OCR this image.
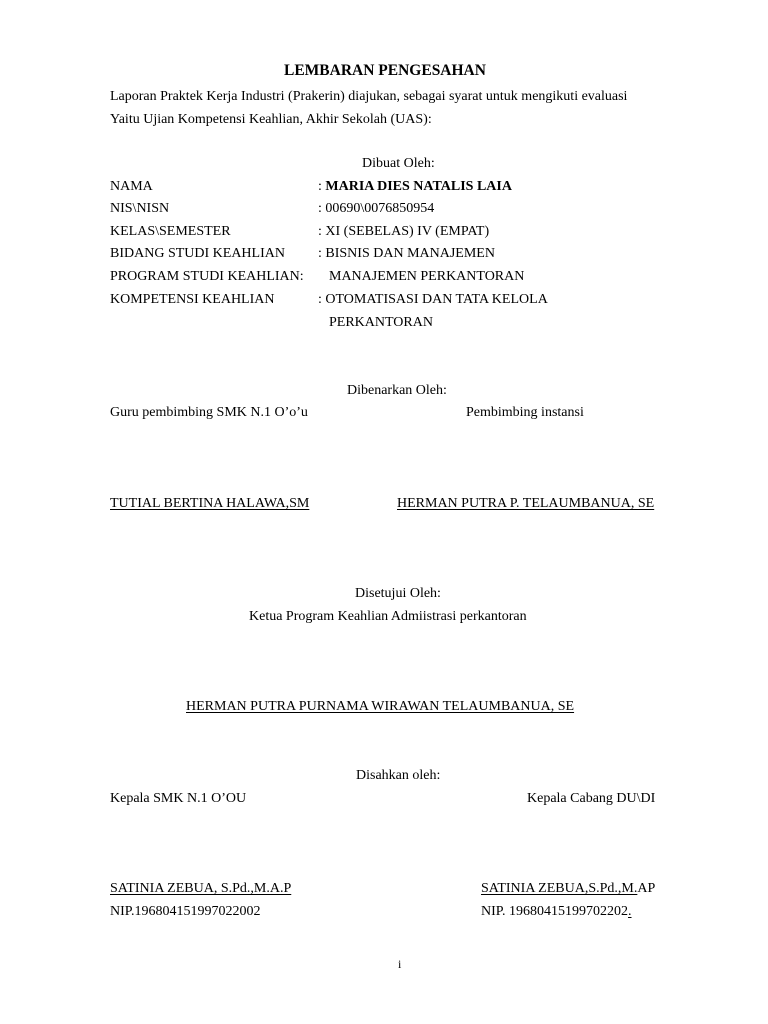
LEMBARAN PENGESAHAN
Laporan Praktek Kerja Industri (Prakerin) diajukan, sebagai syarat untuk mengikuti evaluasi
Yaitu Ujian Kompetensi Keahlian, Akhir Sekolah (UAS):
Dibuat Oleh:
NAMA	: MARIA DIES NATALIS LAIA
NIS\NISN	: 00690\0076850954
KELAS\SEMESTER	: XI (SEBELAS) IV (EMPAT)
BIDANG STUDI KEAHLIAN : BISNIS DAN MANAJEMEN
PROGRAM STUDI KEAHLIAN: MANAJEMEN PERKANTORAN
KOMPETENSI KEAHLIAN	: OTOMATISASI DAN TATA KELOLA
PERKANTORAN
Dibenarkan Oleh:
Guru pembimbing SMK N.1 O’o’u	Pembimbing instansi
TUTIAL BERTINA HALAWA,SM	HERMAN PUTRA P. TELAUMBANUA, SE
Disetujui Oleh:
Ketua Program Keahlian Admiistrasi perkantoran
HERMAN PUTRA PURNAMA WIRAWAN TELAUMBANUA, SE
Disahkan oleh:
Kepala SMK N.1 O’OU	Kepala Cabang DU\DI
SATINIA ZEBUA, S.Pd.,M.A.P	SATINIA ZEBUA,S.Pd.,M.AP
NIP.196804151997022002	NIP. 19680415199702202.
i
